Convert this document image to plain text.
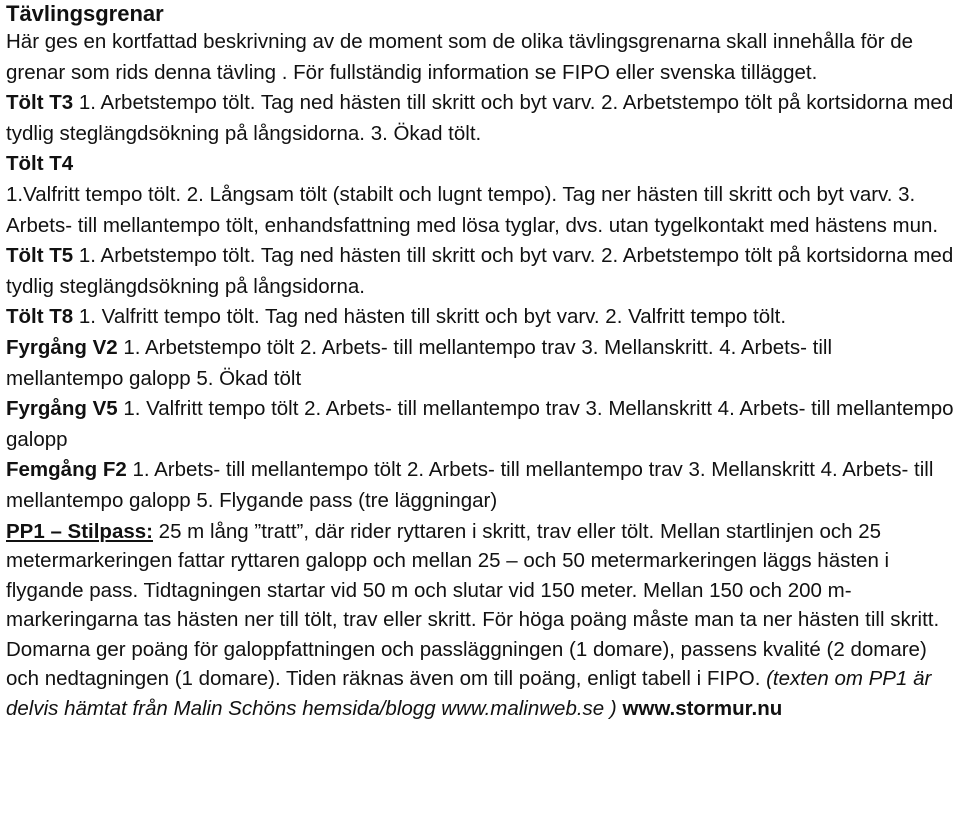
Tävlingsgrenar

Här ges en kortfattad beskrivning av de moment som de olika tävlingsgrenarna skall innehålla för de grenar som rids denna tävling . För fullständig information se FIPO eller svenska tillägget.

Tölt T3 1. Arbetstempo tölt. Tag ned hästen till skritt och byt varv. 2. Arbetstempo tölt på kortsidorna med tydlig steglängdsökning på långsidorna. 3. Ökad tölt.

Tölt T4
1.Valfritt tempo tölt. 2. Långsam tölt (stabilt och lugnt tempo). Tag ner hästen till skritt och byt varv. 3. Arbets- till mellantempo tölt, enhandsfattning med lösa tyglar, dvs. utan tygelkontakt med hästens mun.

Tölt T5 1. Arbetstempo tölt. Tag ned hästen till skritt och byt varv. 2. Arbetstempo tölt på kortsidorna med tydlig steglängdsökning på långsidorna.

Tölt T8 1. Valfritt tempo tölt. Tag ned hästen till skritt och byt varv. 2. Valfritt tempo tölt.

Fyrgång V2 1. Arbetstempo tölt 2. Arbets- till mellantempo trav 3. Mellanskritt. 4. Arbets- till mellantempo galopp 5. Ökad tölt

Fyrgång V5 1. Valfritt tempo tölt 2. Arbets- till mellantempo trav 3. Mellanskritt 4. Arbets- till mellantempo galopp

Femgång F2 1. Arbets- till mellantempo tölt 2. Arbets- till mellantempo trav 3. Mellanskritt 4. Arbets- till mellantempo galopp 5. Flygande pass (tre läggningar)

PP1 – Stilpass: 25 m lång ”tratt”, där rider ryttaren i skritt, trav eller tölt. Mellan startlinjen och 25 metermarkeringen fattar ryttaren galopp och mellan 25 – och 50 metermarkeringen läggs hästen i flygande pass. Tidtagningen startar vid 50 m och slutar vid 150 meter. Mellan 150 och 200 m-markeringarna tas hästen ner till tölt, trav eller skritt. För höga poäng måste man ta ner hästen till skritt. Domarna ger poäng för galoppfattningen och passläggningen (1 domare), passens kvalité (2 domare) och nedtagningen (1 domare). Tiden räknas även om till poäng, enligt tabell i FIPO. (texten om PP1 är delvis hämtat från Malin Schöns hemsida/blogg www.malinweb.se ) www.stormur.nu
